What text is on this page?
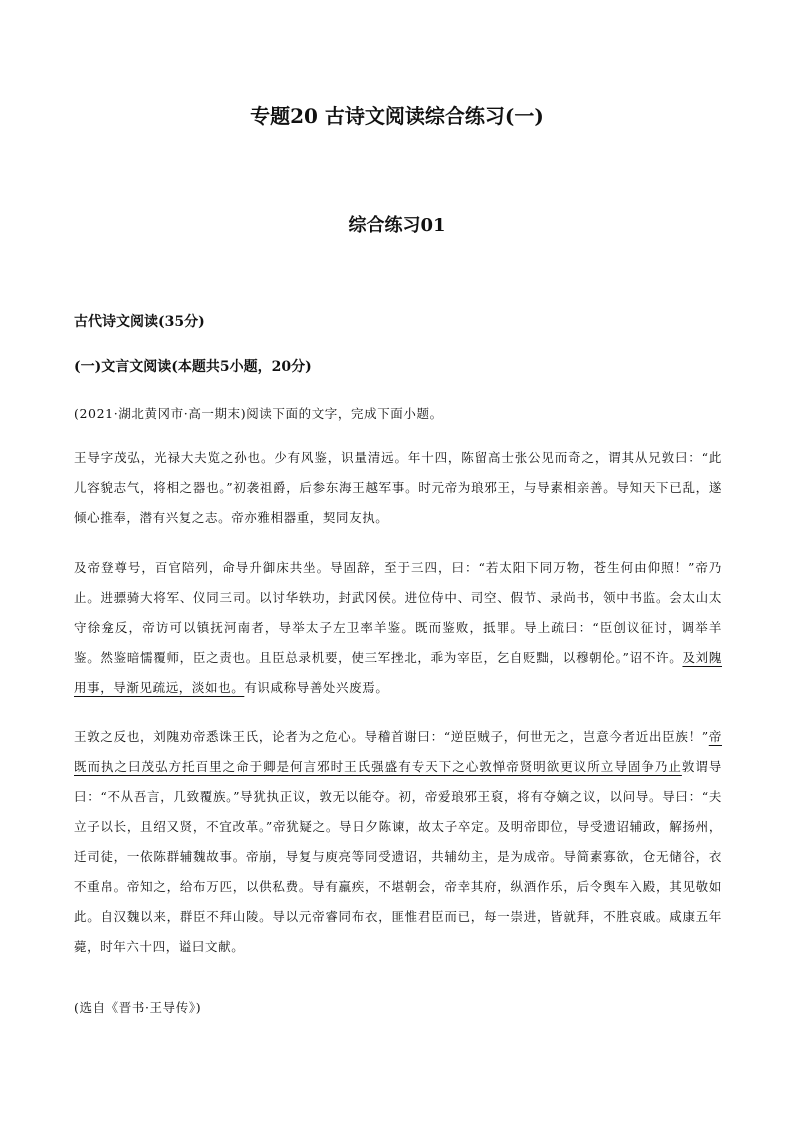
专题20 古诗文阅读综合练习(一)
综合练习01
古代诗文阅读(35分)
(一)文言文阅读(本题共5小题，20分)
(2021·湖北黄冈市·高一期末)阅读下面的文字，完成下面小题。
王导字茂弘，光禄大夫览之孙也。少有风鉴，识量清远。年十四，陈留高士张公见而奇之，谓其从兄敦曰：“此儿容貌志气，将相之器也。”初袭祖爵，后参东海王越军事。时元帝为琅邪王，与导素相亲善。导知天下已乱，遂倾心推奉，潜有兴复之志。帝亦雅相器重，契同友执。
及帝登尊号，百官陪列，命导升御床共坐。导固辞，至于三四，曰：“若太阳下同万物，苍生何由仰照！”帝乃止。进骠骑大将军、仪同三司。以讨华轶功，封武冈侯。进位侍中、司空、假节、录尚书，领中书监。会太山太守徐龛反，帝访可以镇抚河南者，导举太子左卫率羊鉴。既而鉴败，抵罪。导上疏曰：“臣创议征讨，调举羊鉴。然鉴暗懦覆师，臣之责也。且臣总录机要，使三军挫北，乖为宰臣，乞自贬黜，以穆朝伦。”诏不许。及刘隗用事，导渐见疏远，淡如也。有识咸称导善处兴废焉。
王敦之反也，刘隗劝帝悉诛王氏，论者为之危心。导稽首谢曰：“逆臣贼子，何世无之，岂意今者近出臣族！”帝既而执之曰茂弘方托百里之命于卿是何言邪时王氏强盛有专天下之心敦惮帝贤明欲更议所立导固争乃止敦谓导曰：“不从吾言，几致覆族。”导犹执正议，敦无以能夺。初，帝爱琅邪王裒，将有夺嫡之议，以问导。导曰：“夫立子以长，且绍又贤，不宜改革。”帝犹疑之。导日夕陈谏，故太子卒定。及明帝即位，导受遗诏辅政，解扬州，迁司徒，一依陈群辅魏故事。帝崩，导复与庾亮等同受遗诏，共辅幼主，是为成帝。导简素寡欲，仓无储谷，衣不重帛。帝知之，给布万匹，以供私费。导有羸疾，不堪朝会，帝幸其府，纵酒作乐，后令舆车入殿，其见敬如此。自汉魏以来，群臣不拜山陵。导以元帝睿同布衣，匪惟君臣而已，每一崇进，皆就拜，不胜哀戚。咸康五年薨，时年六十四，谥曰文献。
(选自《晋书·王导传》)
